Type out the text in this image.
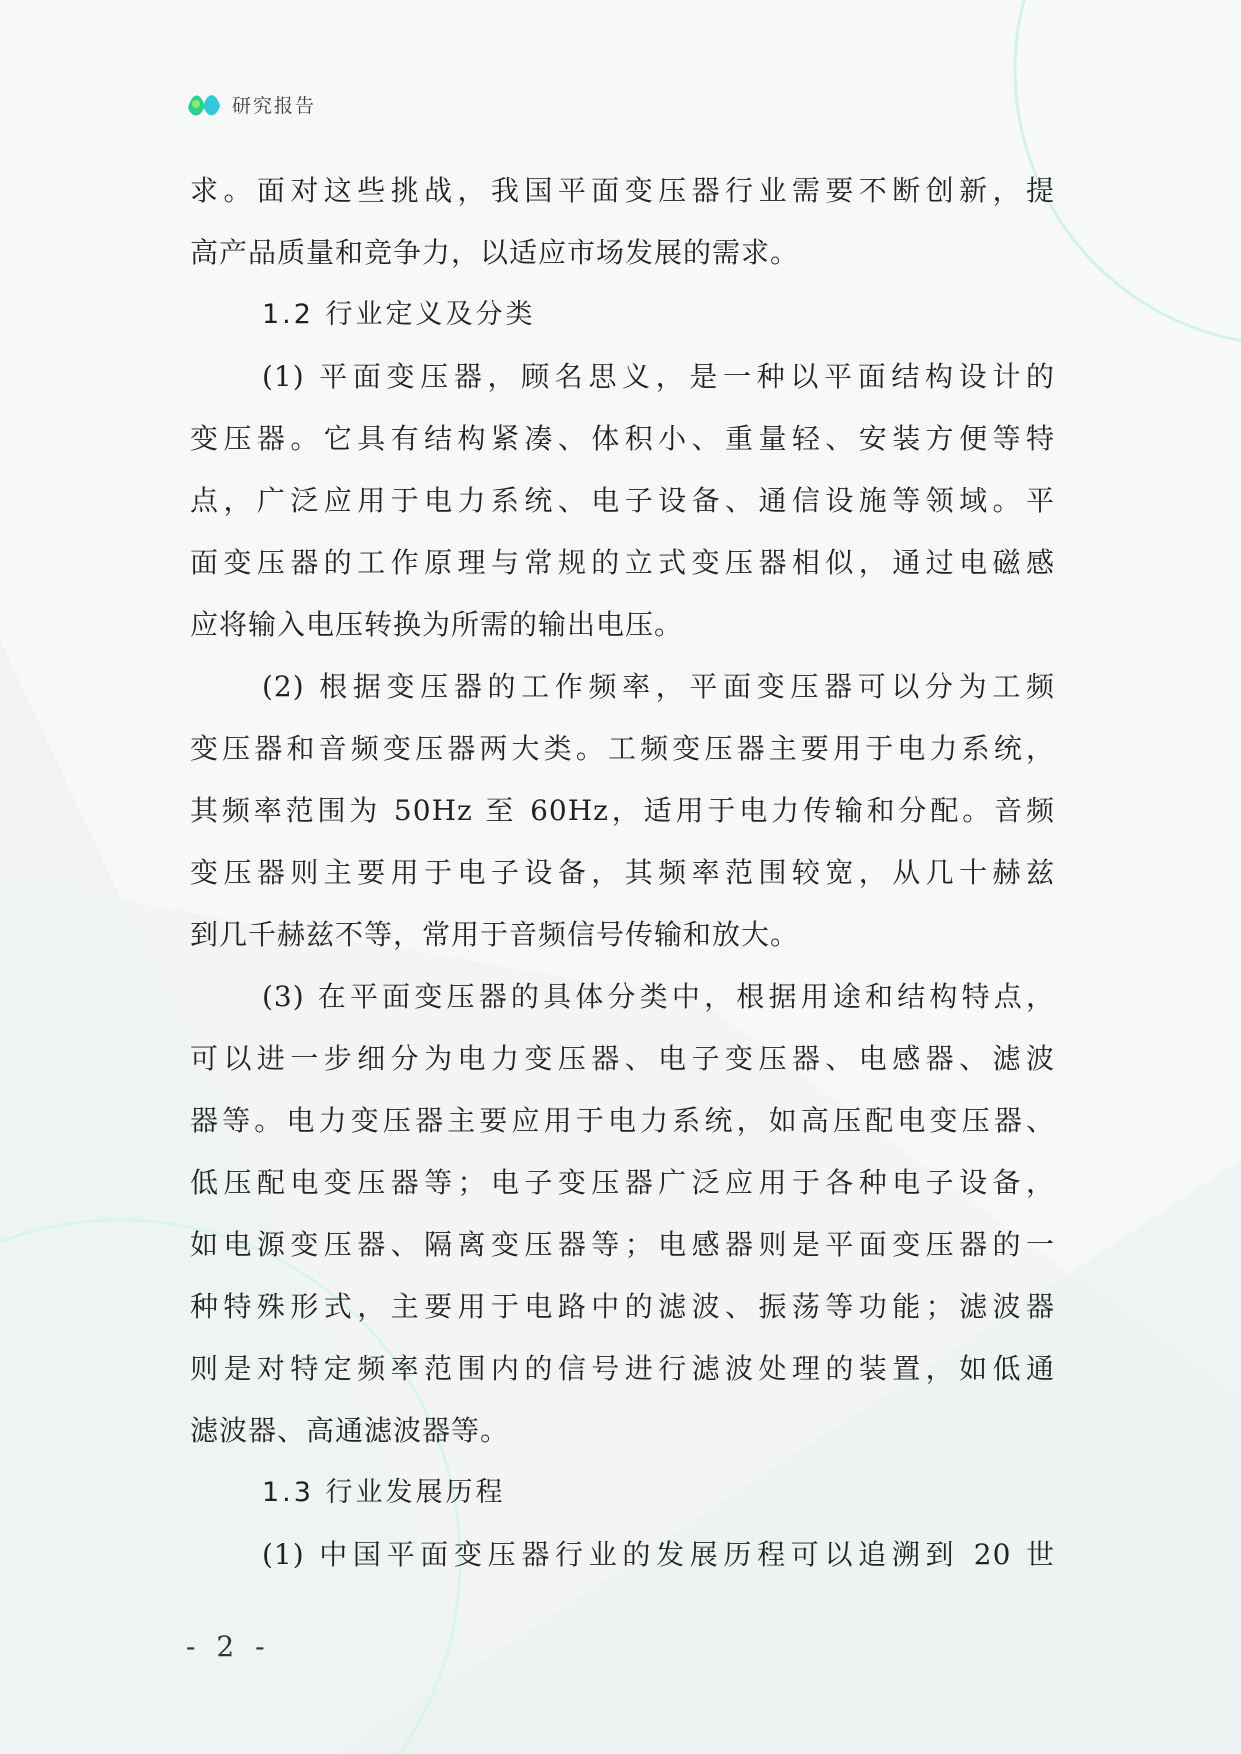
研究报告
求。面对这些挑战，我国平面变压器行业需要不断创新，提
高产品质量和竞争力，以适应市场发展的需求。
1.2 行业定义及分类
(1) 平面变压器，顾名思义，是一种以平面结构设计的
变压器。它具有结构紧凑、体积小、重量轻、安装方便等特
点，广泛应用于电力系统、电子设备、通信设施等领域。平
面变压器的工作原理与常规的立式变压器相似，通过电磁感
应将输入电压转换为所需的输出电压。
(2) 根据变压器的工作频率，平面变压器可以分为工频
变压器和音频变压器两大类。工频变压器主要用于电力系统，
其频率范围为 50Hz 至 60Hz，适用于电力传输和分配。音频
变压器则主要用于电子设备，其频率范围较宽，从几十赫兹
到几千赫兹不等，常用于音频信号传输和放大。
(3) 在平面变压器的具体分类中，根据用途和结构特点，
可以进一步细分为电力变压器、电子变压器、电感器、滤波
器等。电力变压器主要应用于电力系统，如高压配电变压器、
低压配电变压器等；电子变压器广泛应用于各种电子设备，
如电源变压器、隔离变压器等；电感器则是平面变压器的一
种特殊形式，主要用于电路中的滤波、振荡等功能；滤波器
则是对特定频率范围内的信号进行滤波处理的装置，如低通
滤波器、高通滤波器等。
1.3 行业发展历程
(1) 中国平面变压器行业的发展历程可以追溯到 20 世
- 2 -
